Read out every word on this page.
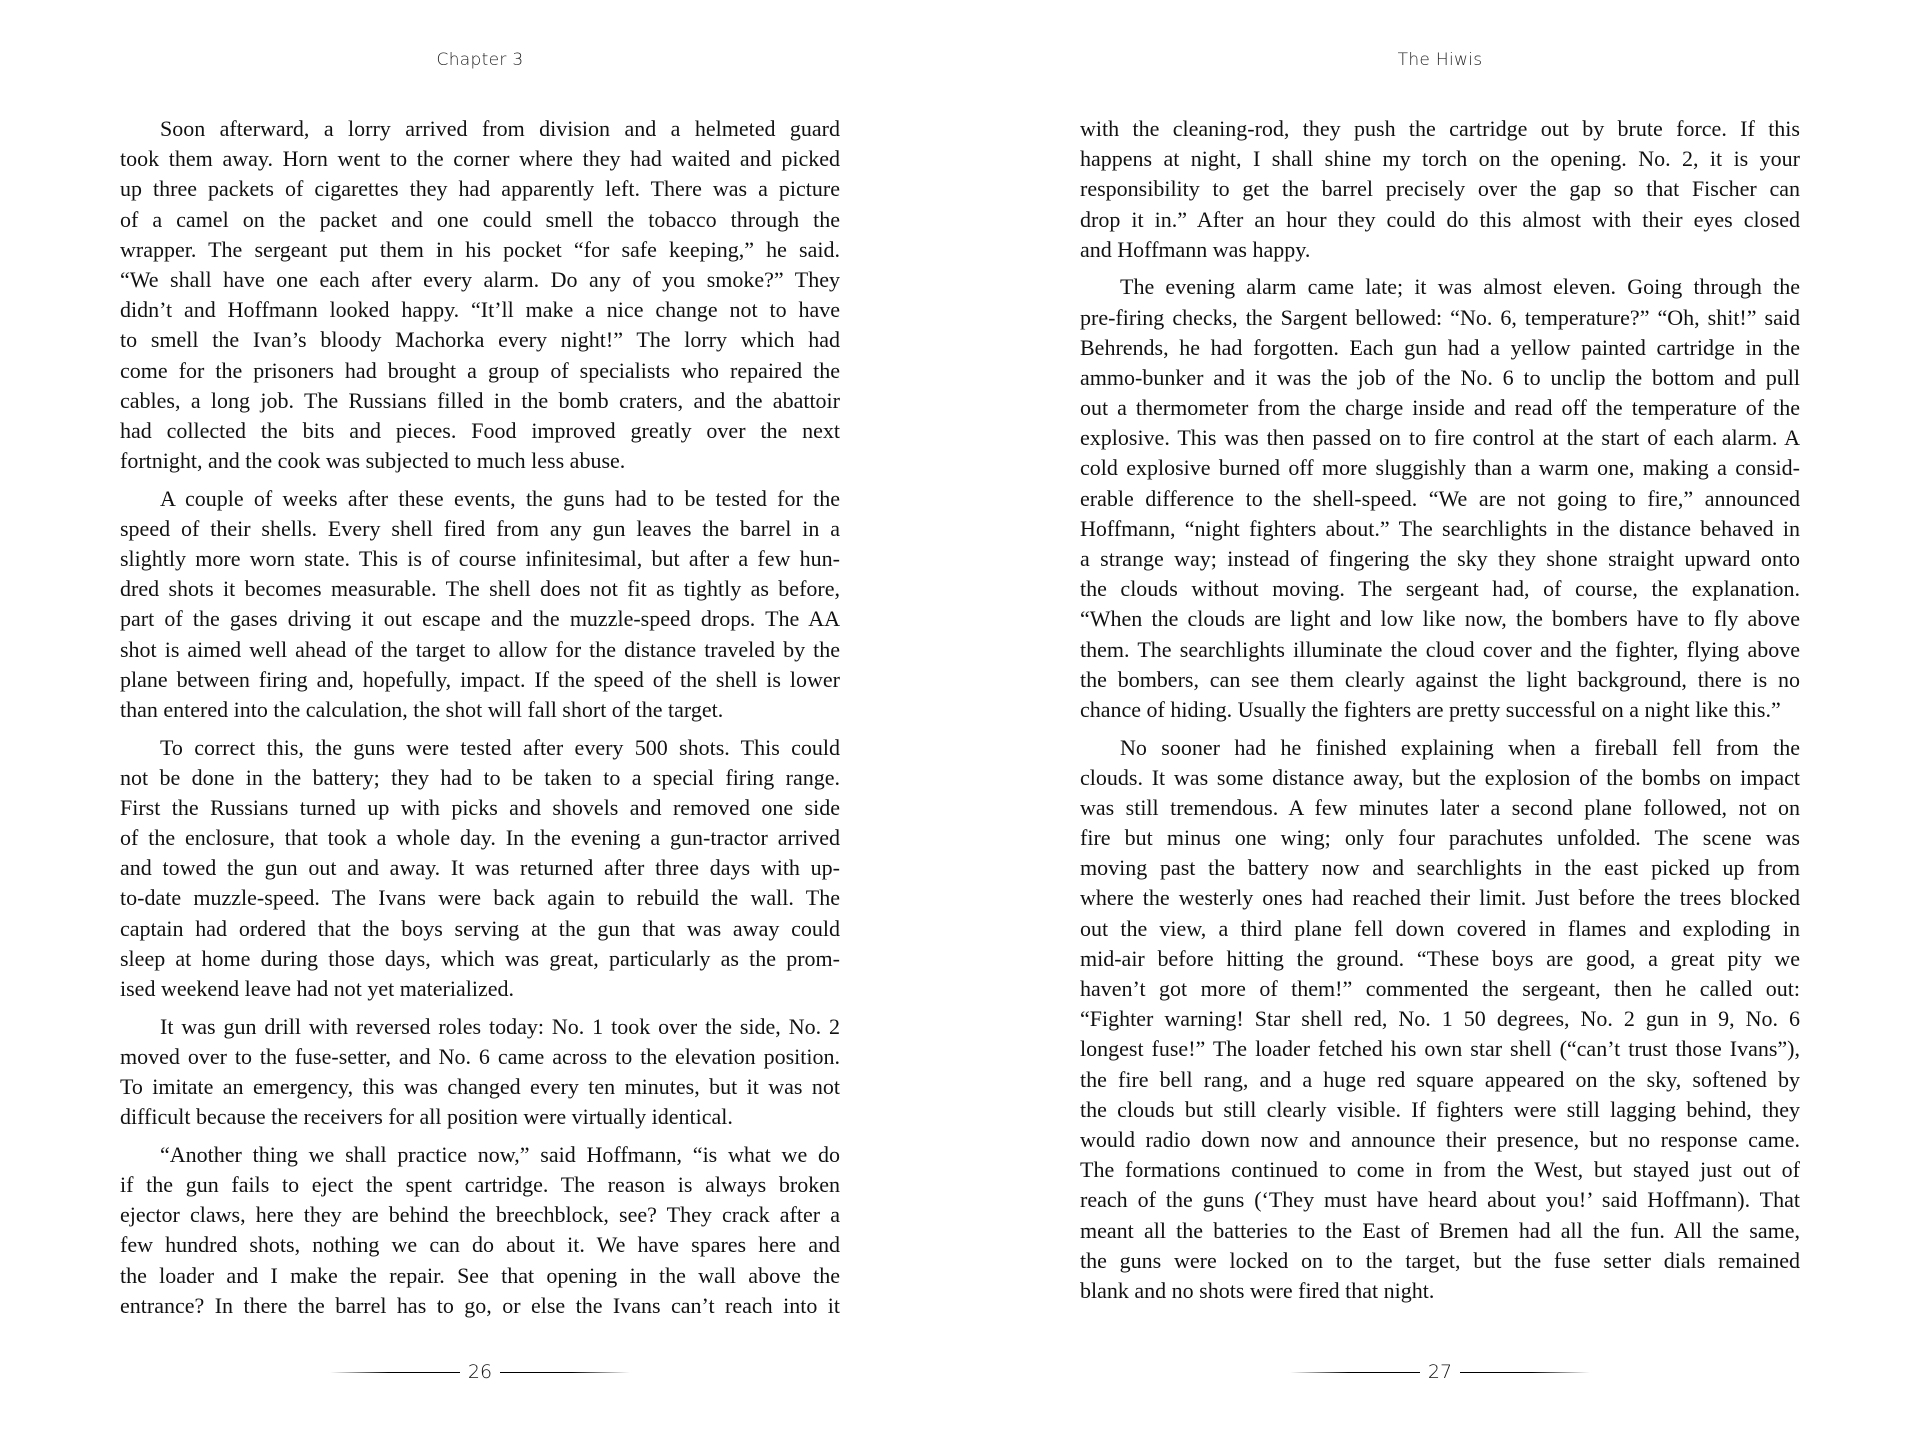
Chapter 3
Soon afterward, a lorry arrived from division and a helmeted guard
took them away. Horn went to the corner where they had waited and picked
up three packets of cigarettes they had apparently left. There was a picture
of a camel on the packet and one could smell the tobacco through the
wrapper. The sergeant put them in his pocket “for safe keeping,” he said.
“We shall have one each after every alarm. Do any of you smoke?” They
didn’t and Hoffmann looked happy. “It’ll make a nice change not to have
to smell the Ivan’s bloody Machorka every night!” The lorry which had
come for the prisoners had brought a group of specialists who repaired the
cables, a long job. The Russians filled in the bomb craters, and the abattoir
had collected the bits and pieces. Food improved greatly over the next
fortnight, and the cook was subjected to much less abuse.
A couple of weeks after these events, the guns had to be tested for the
speed of their shells. Every shell fired from any gun leaves the barrel in a
slightly more worn state. This is of course infinitesimal, but after a few hun-
dred shots it becomes measurable. The shell does not fit as tightly as before,
part of the gases driving it out escape and the muzzle-speed drops. The AA
shot is aimed well ahead of the target to allow for the distance traveled by the
plane between firing and, hopefully, impact. If the speed of the shell is lower
than entered into the calculation, the shot will fall short of the target.
To correct this, the guns were tested after every 500 shots. This could
not be done in the battery; they had to be taken to a special firing range.
First the Russians turned up with picks and shovels and removed one side
of the enclosure, that took a whole day. In the evening a gun-tractor arrived
and towed the gun out and away. It was returned after three days with up-
to-date muzzle-speed. The Ivans were back again to rebuild the wall. The
captain had ordered that the boys serving at the gun that was away could
sleep at home during those days, which was great, particularly as the prom-
ised weekend leave had not yet materialized.
It was gun drill with reversed roles today: No. 1 took over the side, No. 2
moved over to the fuse-setter, and No. 6 came across to the elevation position.
To imitate an emergency, this was changed every ten minutes, but it was not
difficult because the receivers for all position were virtually identical.
“Another thing we shall practice now,” said Hoffmann, “is what we do
if the gun fails to eject the spent cartridge. The reason is always broken
ejector claws, here they are behind the breechblock, see? They crack after a
few hundred shots, nothing we can do about it. We have spares here and
the loader and I make the repair. See that opening in the wall above the
entrance? In there the barrel has to go, or else the Ivans can’t reach into it
26
The Hiwis
with the cleaning-rod, they push the cartridge out by brute force. If this
happens at night, I shall shine my torch on the opening. No. 2, it is your
responsibility to get the barrel precisely over the gap so that Fischer can
drop it in.” After an hour they could do this almost with their eyes closed
and Hoffmann was happy.
The evening alarm came late; it was almost eleven. Going through the
pre-firing checks, the Sargent bellowed: “No. 6, temperature?” “Oh, shit!” said
Behrends, he had forgotten. Each gun had a yellow painted cartridge in the
ammo-bunker and it was the job of the No. 6 to unclip the bottom and pull
out a thermometer from the charge inside and read off the temperature of the
explosive. This was then passed on to fire control at the start of each alarm. A
cold explosive burned off more sluggishly than a warm one, making a consid-
erable difference to the shell-speed. “We are not going to fire,” announced
Hoffmann, “night fighters about.” The searchlights in the distance behaved in
a strange way; instead of fingering the sky they shone straight upward onto
the clouds without moving. The sergeant had, of course, the explanation.
“When the clouds are light and low like now, the bombers have to fly above
them. The searchlights illuminate the cloud cover and the fighter, flying above
the bombers, can see them clearly against the light background, there is no
chance of hiding. Usually the fighters are pretty successful on a night like this.”
No sooner had he finished explaining when a fireball fell from the
clouds. It was some distance away, but the explosion of the bombs on impact
was still tremendous. A few minutes later a second plane followed, not on
fire but minus one wing; only four parachutes unfolded. The scene was
moving past the battery now and searchlights in the east picked up from
where the westerly ones had reached their limit. Just before the trees blocked
out the view, a third plane fell down covered in flames and exploding in
mid-air before hitting the ground. “These boys are good, a great pity we
haven’t got more of them!” commented the sergeant, then he called out:
“Fighter warning! Star shell red, No. 1 50 degrees, No. 2 gun in 9, No. 6
longest fuse!” The loader fetched his own star shell (“can’t trust those Ivans”),
the fire bell rang, and a huge red square appeared on the sky, softened by
the clouds but still clearly visible. If fighters were still lagging behind, they
would radio down now and announce their presence, but no response came.
The formations continued to come in from the West, but stayed just out of
reach of the guns (‘They must have heard about you!’ said Hoffmann). That
meant all the batteries to the East of Bremen had all the fun. All the same,
the guns were locked on to the target, but the fuse setter dials remained
blank and no shots were fired that night.
27
